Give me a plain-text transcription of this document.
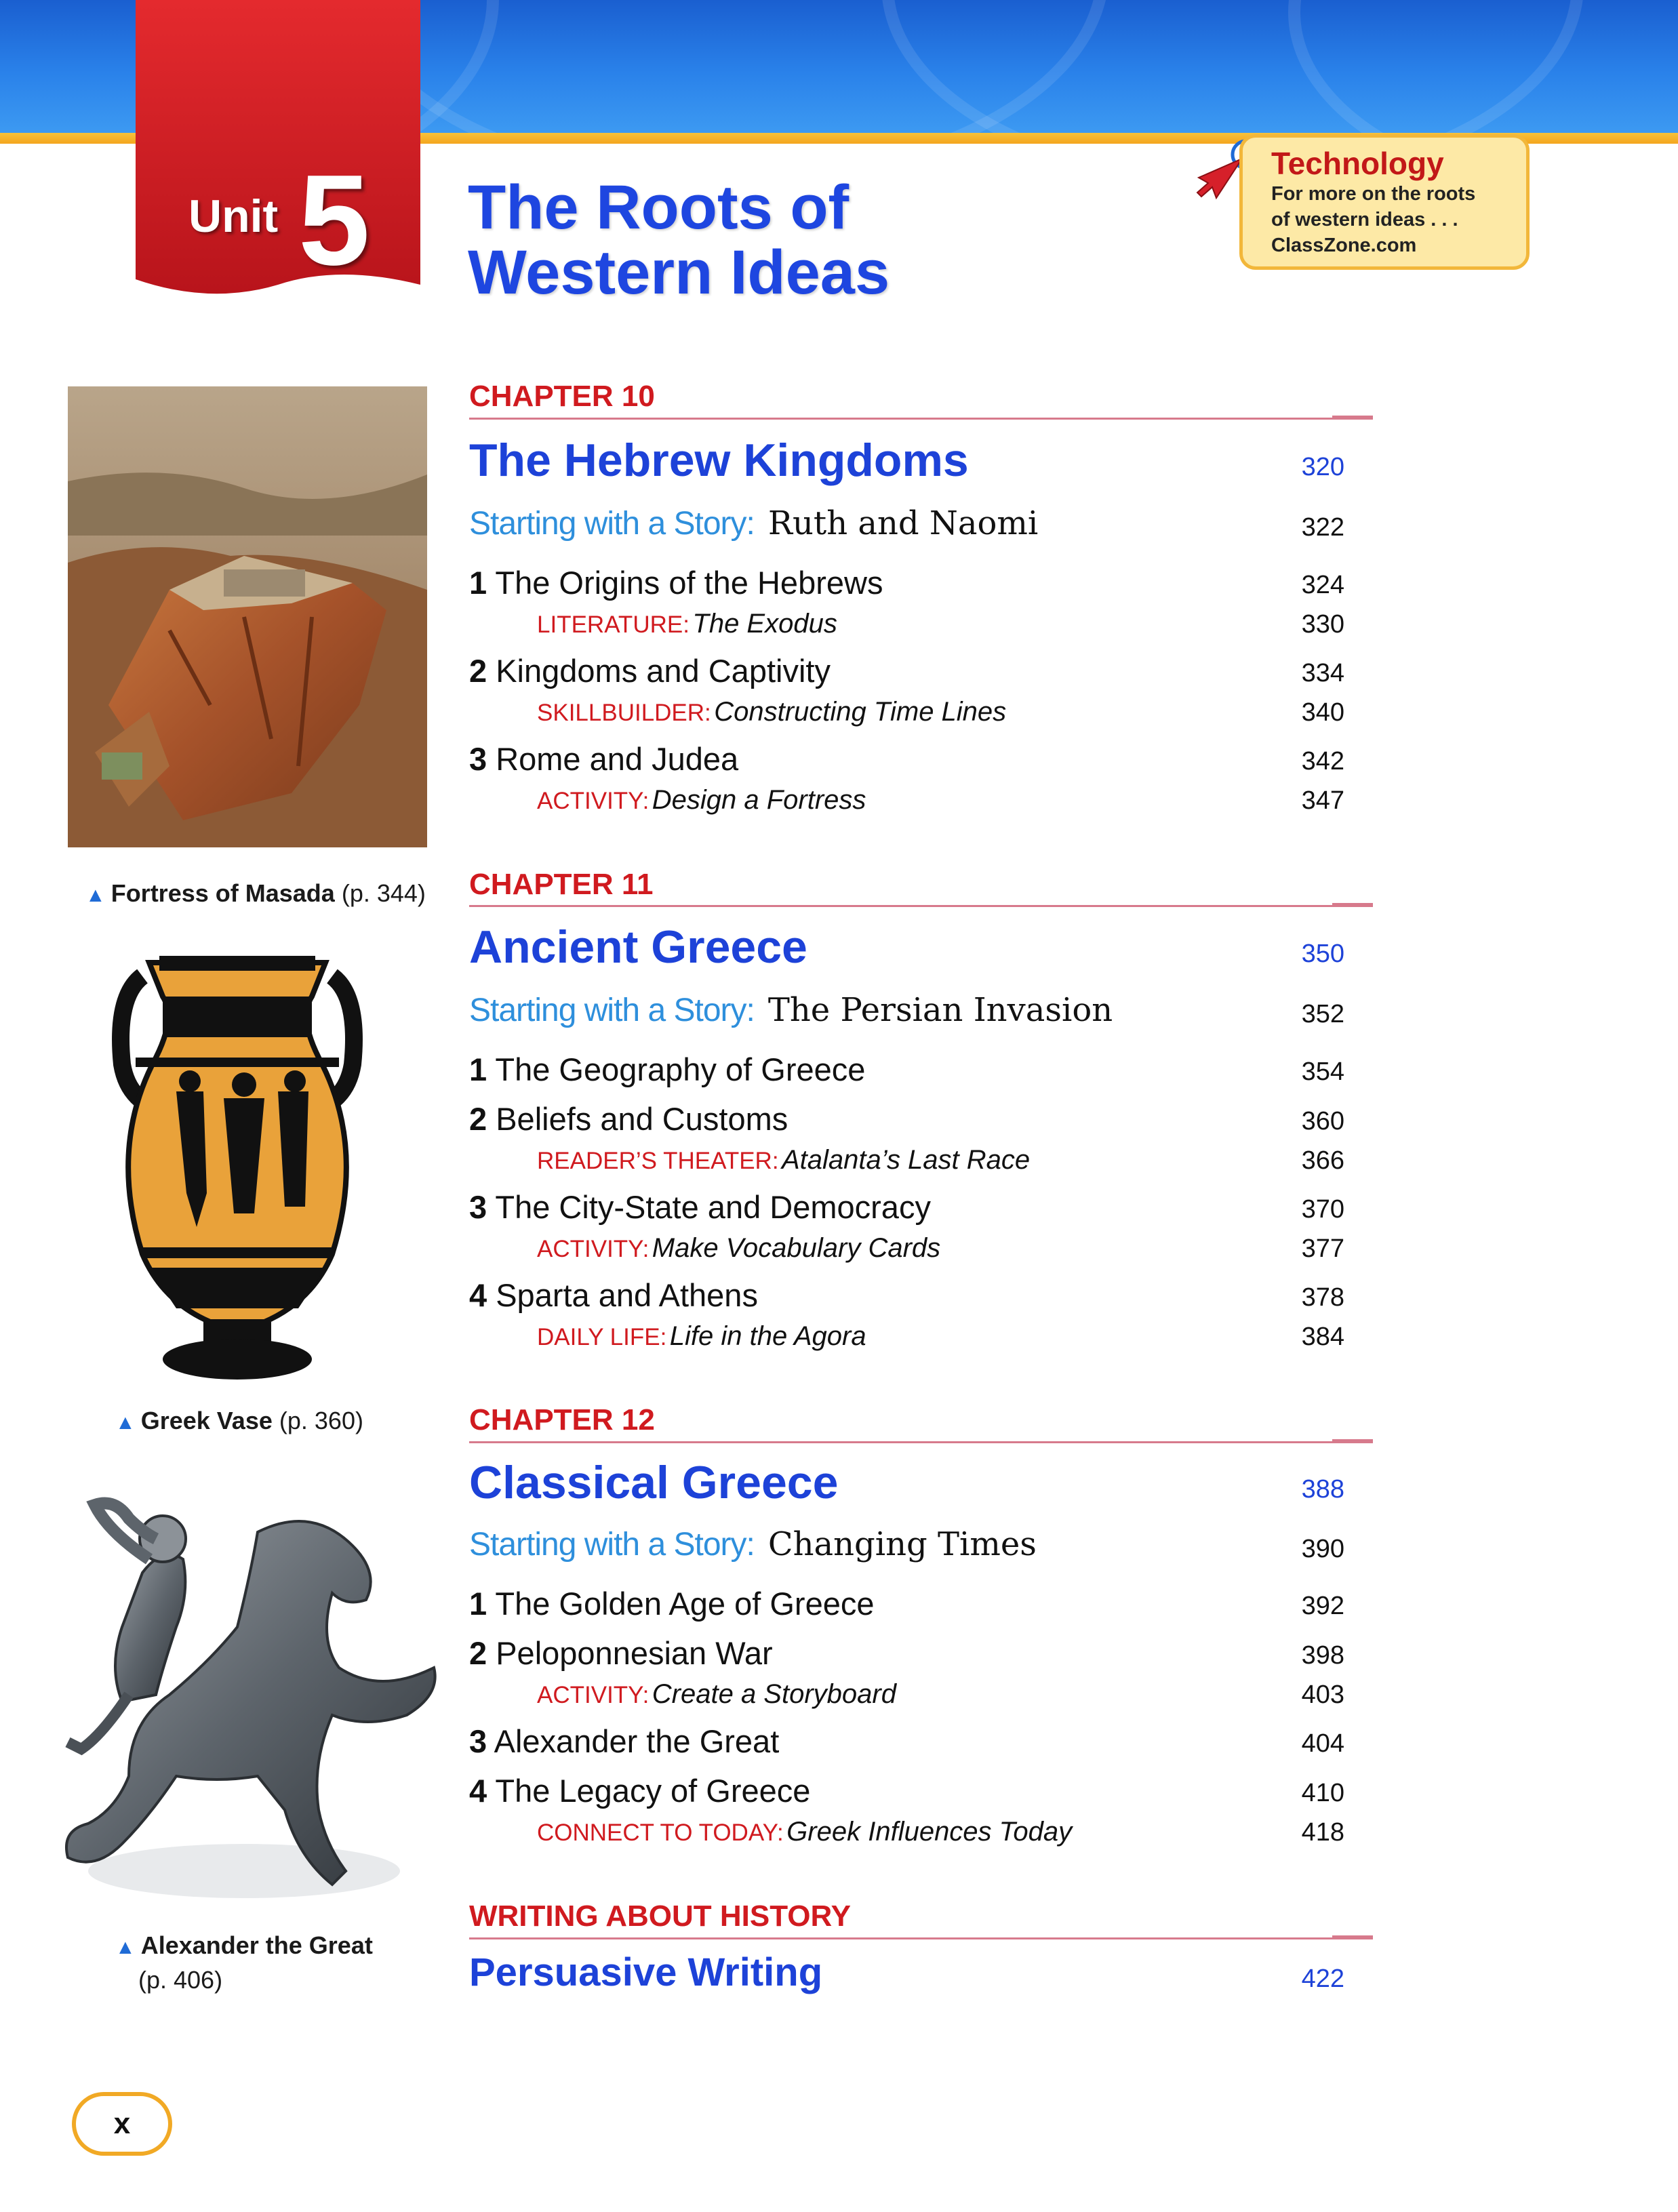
Unit 5 The Roots of
Western Ideas
Technology
For more on the roots
of western ideas . . .
ClassZone.com
▲ Fortress of Masada (p. 344)
▲ Greek Vase (p. 360)
▲ Alexander the Great
(p. 406)
x
CHAPTER 10
The Hebrew Kingdoms	320
Starting with a Story: Ruth and Naomi	322
1 The Origins of the Hebrews	324
LITERATURE: The Exodus	330
2 Kingdoms and Captivity	334
SKILLBUILDER: Constructing Time Lines	340
3 Rome and Judea	342
ACTIVITY: Design a Fortress	347
CHAPTER 11
Ancient Greece	350
Starting with a Story: The Persian Invasion	352
1 The Geography of Greece	354
2 Beliefs and Customs	360
READER’S THEATER: Atalanta’s Last Race	366
3 The City-State and Democracy	370
ACTIVITY: Make Vocabulary Cards	377
4 Sparta and Athens	378
DAILY LIFE: Life in the Agora	384
CHAPTER 12
Classical Greece	388
Starting with a Story: Changing Times	390
1 The Golden Age of Greece	392
2 Peloponnesian War	398
ACTIVITY: Create a Storyboard	403
3 Alexander the Great	404
4 The Legacy of Greece	410
CONNECT TO TODAY: Greek Influences Today	418
WRITING ABOUT HISTORY
Persuasive Writing	422
